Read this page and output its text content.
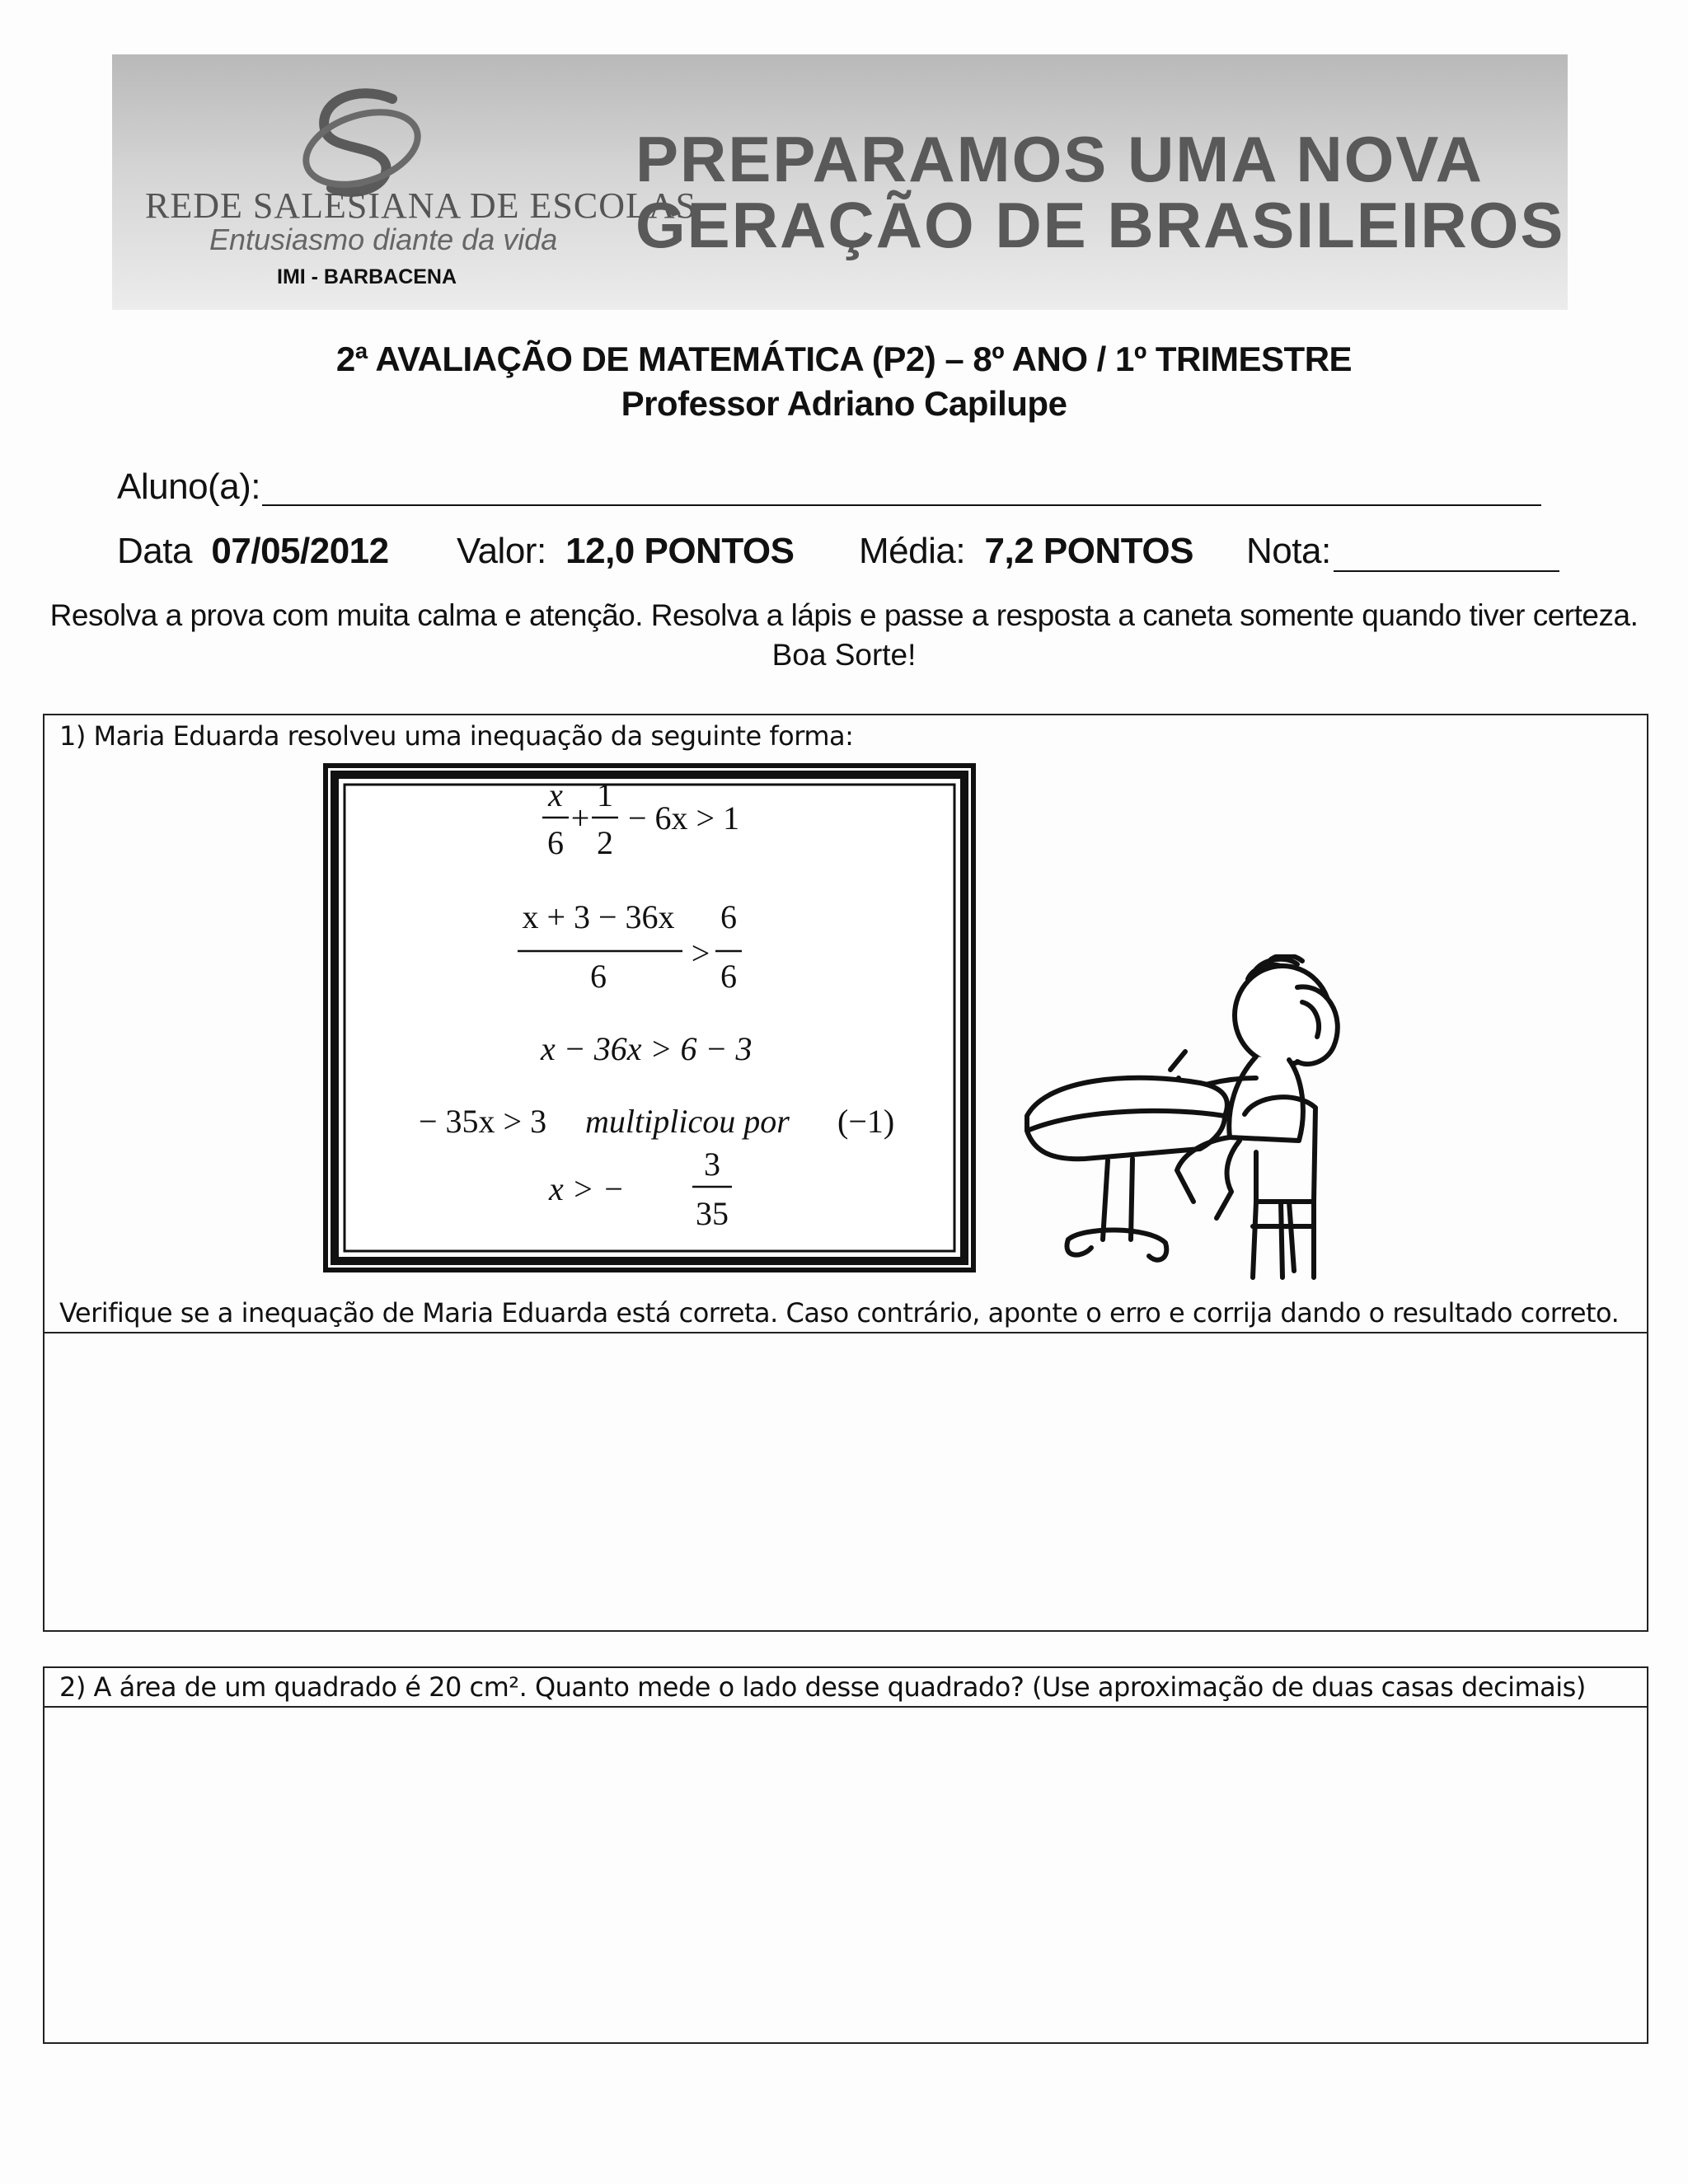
REDE SALESIANA DE ESCOLAS
Entusiasmo diante da vida
IMI - BARBACENA
PREPARAMOS UMA NOVA
GERAÇÃO DE BRASILEIROS
2ª AVALIAÇÃO DE MATEMÁTICA (P2) – 8º ANO / 1º TRIMESTRE
Professor Adriano Capilupe
Aluno(a):
Data 07/05/2012 Valor: 12,0 PONTOS Média: 7,2 PONTOS Nota:
Resolva a prova com muita calma e atenção. Resolva a lápis e passe a resposta a caneta somente quando tiver certeza.
Boa Sorte!
1) Maria Eduarda resolveu uma inequação da seguinte forma:
x
6
+
1
2
− 6x > 1
x + 3 − 36x
6
>
6
6
x − 36x > 6 − 3
− 35x > 3 multiplicou por (−1)
x > −
3
35
Verifique se a inequação de Maria Eduarda está correta. Caso contrário, aponte o erro e corrija dando o resultado correto.
2) A área de um quadrado é 20 cm². Quanto mede o lado desse quadrado? (Use aproximação de duas casas decimais)
